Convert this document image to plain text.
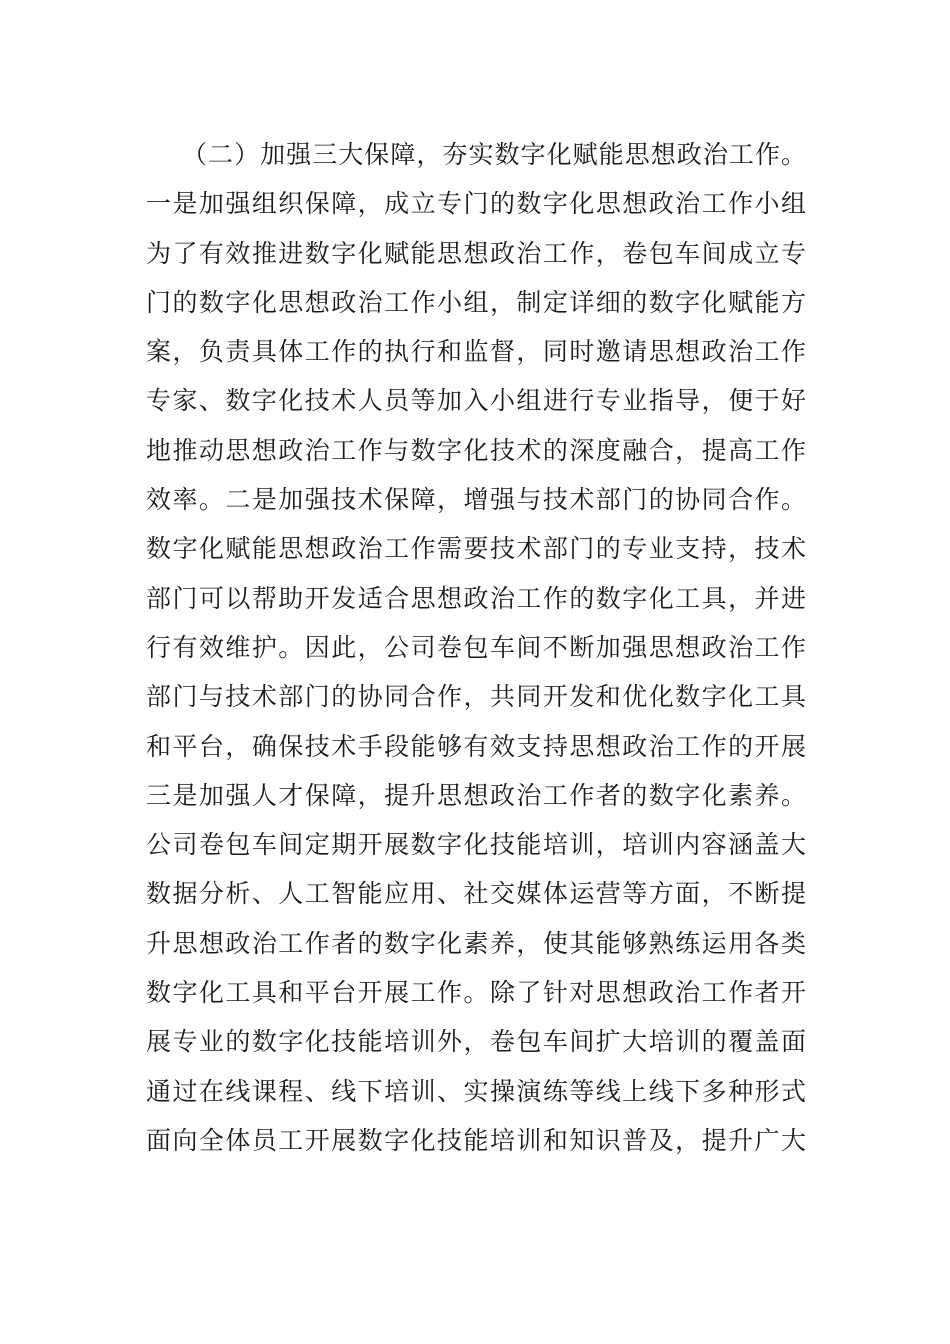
（二）加强三大保障，夯实数字化赋能思想政治工作。
一是加强组织保障，成立专门的数字化思想政治工作小组
为了有效推进数字化赋能思想政治工作，卷包车间成立专
门的数字化思想政治工作小组，制定详细的数字化赋能方
案，负责具体工作的执行和监督，同时邀请思想政治工作
专家、数字化技术人员等加入小组进行专业指导，便于好
地推动思想政治工作与数字化技术的深度融合，提高工作
效率。二是加强技术保障，增强与技术部门的协同合作。
数字化赋能思想政治工作需要技术部门的专业支持，技术
部门可以帮助开发适合思想政治工作的数字化工具，并进
行有效维护。因此，公司卷包车间不断加强思想政治工作
部门与技术部门的协同合作，共同开发和优化数字化工具
和平台，确保技术手段能够有效支持思想政治工作的开展
三是加强人才保障，提升思想政治工作者的数字化素养。
公司卷包车间定期开展数字化技能培训，培训内容涵盖大
数据分析、人工智能应用、社交媒体运营等方面，不断提
升思想政治工作者的数字化素养，使其能够熟练运用各类
数字化工具和平台开展工作。除了针对思想政治工作者开
展专业的数字化技能培训外，卷包车间扩大培训的覆盖面
通过在线课程、线下培训、实操演练等线上线下多种形式
面向全体员工开展数字化技能培训和知识普及，提升广大
